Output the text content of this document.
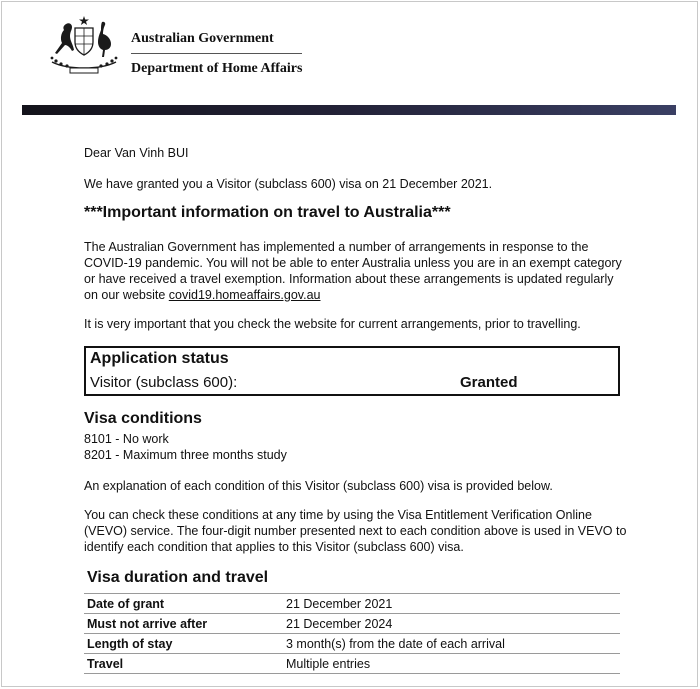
Australian Government
Department of Home Affairs

Dear Van Vinh BUI

We have granted you a Visitor (subclass 600) visa on 21 December 2021.

***Important information on travel to Australia***

The Australian Government has implemented a number of arrangements in response to the COVID-19 pandemic. You will not be able to enter Australia unless you are in an exempt category or have received a travel exemption. Information about these arrangements is updated regularly on our website covid19.homeaffairs.gov.au

It is very important that you check the website for current arrangements, prior to travelling.

Application status
Visitor (subclass 600):	Granted
Visa conditions
8101 - No work
8201 - Maximum three months study

An explanation of each condition of this Visitor (subclass 600) visa is provided below.

You can check these conditions at any time by using the Visa Entitlement Verification Online (VEVO) service. The four-digit number presented next to each condition above is used in VEVO to identify each condition that applies to this Visitor (subclass 600) visa.

Visa duration and travel
Date of grant	21 December 2021
Must not arrive after	21 December 2024
Length of stay	3 month(s) from the date of each arrival
Travel	Multiple entries
